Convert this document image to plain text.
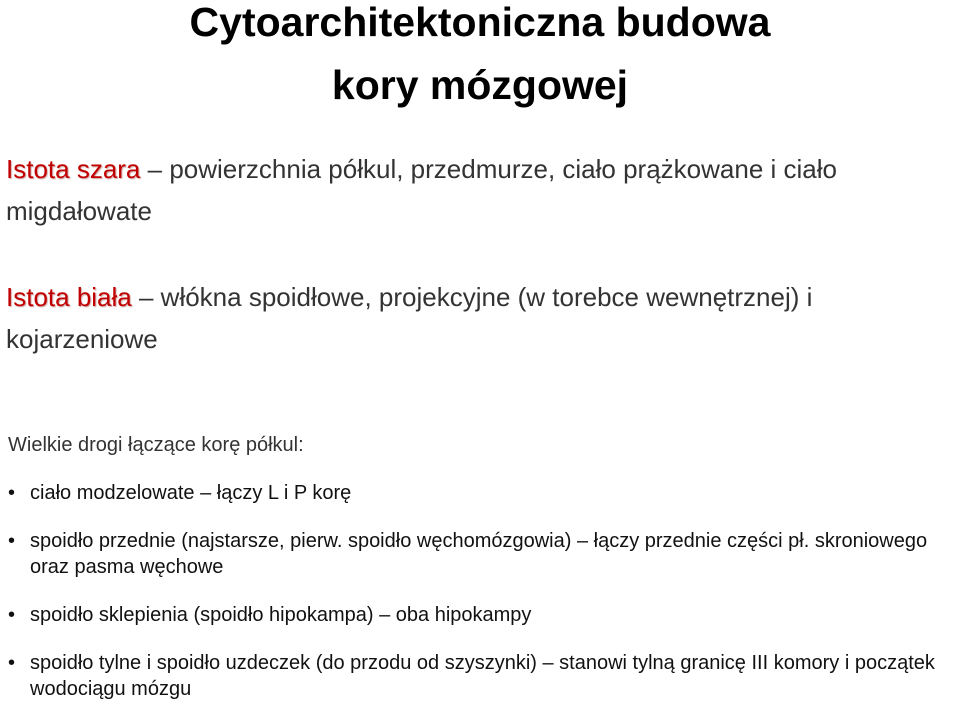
Cytoarchitektoniczna budowa
kory mózgowej

Istota szara – powierzchnia półkul, przedmurze, ciało prążkowane i ciało migdałowate

Istota biała – włókna spoidłowe, projekcyjne (w torebce wewnętrznej) i kojarzeniowe

Wielkie drogi łączące korę półkul:

• ciało modzelowate – łączy L i P korę
• spoidło przednie (najstarsze, pierw. spoidło węchomózgowia) – łączy przednie części pł. skroniowego oraz pasma węchowe
• spoidło sklepienia (spoidło hipokampa) – oba hipokampy
• spoidło tylne i spoidło uzdeczek (do przodu od szyszynki) – stanowi tylną granicę III komory i początek wodociągu mózgu
